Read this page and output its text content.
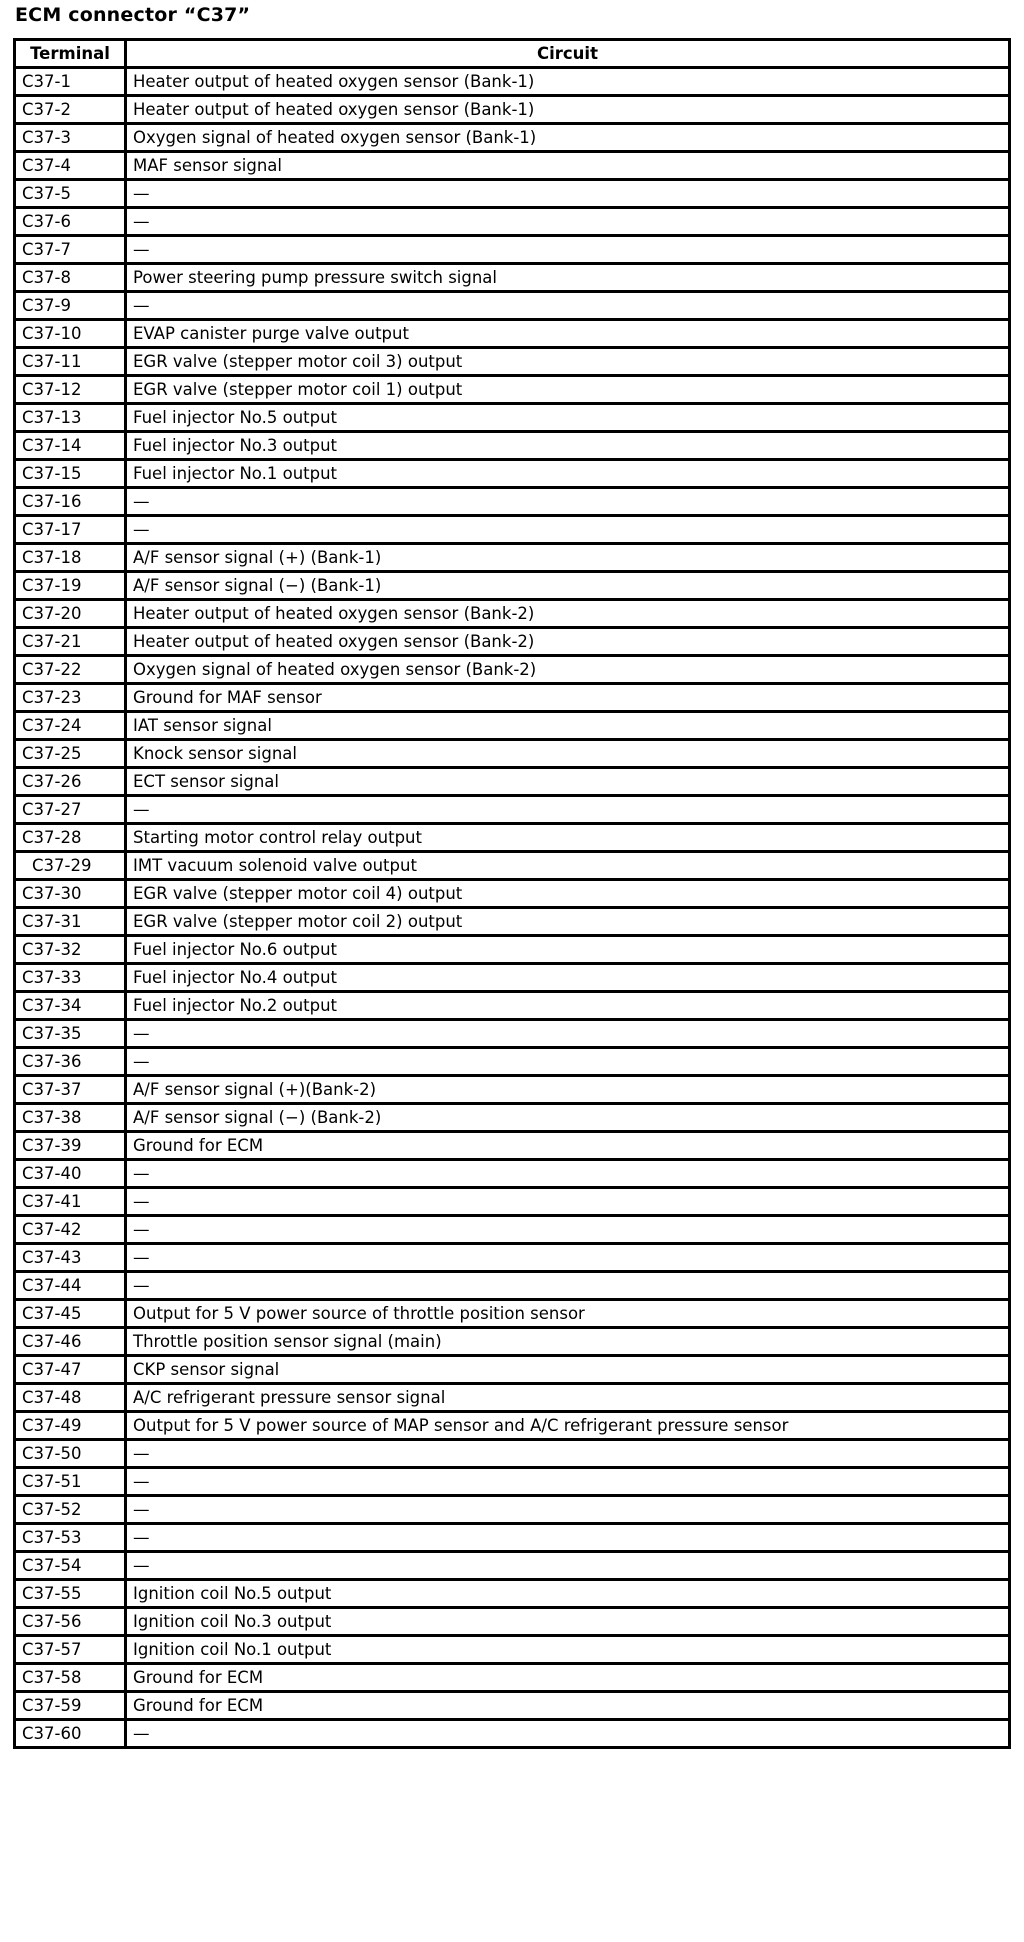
ECM connector “C37”
Terminal	Circuit
C37-1	Heater output of heated oxygen sensor (Bank-1)
C37-2	Heater output of heated oxygen sensor (Bank-1)
C37-3	Oxygen signal of heated oxygen sensor (Bank-1)
C37-4	MAF sensor signal
C37-5	—
C37-6	—
C37-7	—
C37-8	Power steering pump pressure switch signal
C37-9	—
C37-10	EVAP canister purge valve output
C37-11	EGR valve (stepper motor coil 3) output
C37-12	EGR valve (stepper motor coil 1) output
C37-13	Fuel injector No.5 output
C37-14	Fuel injector No.3 output
C37-15	Fuel injector No.1 output
C37-16	—
C37-17	—
C37-18	A/F sensor signal (+) (Bank-1)
C37-19	A/F sensor signal (−) (Bank-1)
C37-20	Heater output of heated oxygen sensor (Bank-2)
C37-21	Heater output of heated oxygen sensor (Bank-2)
C37-22	Oxygen signal of heated oxygen sensor (Bank-2)
C37-23	Ground for MAF sensor
C37-24	IAT sensor signal
C37-25	Knock sensor signal
C37-26	ECT sensor signal
C37-27	—
C37-28	Starting motor control relay output
C37-29	IMT vacuum solenoid valve output
C37-30	EGR valve (stepper motor coil 4) output
C37-31	EGR valve (stepper motor coil 2) output
C37-32	Fuel injector No.6 output
C37-33	Fuel injector No.4 output
C37-34	Fuel injector No.2 output
C37-35	—
C37-36	—
C37-37	A/F sensor signal (+)(Bank-2)
C37-38	A/F sensor signal (−) (Bank-2)
C37-39	Ground for ECM
C37-40	—
C37-41	—
C37-42	—
C37-43	—
C37-44	—
C37-45	Output for 5 V power source of throttle position sensor
C37-46	Throttle position sensor signal (main)
C37-47	CKP sensor signal
C37-48	A/C refrigerant pressure sensor signal
C37-49	Output for 5 V power source of MAP sensor and A/C refrigerant pressure sensor
C37-50	—
C37-51	—
C37-52	—
C37-53	—
C37-54	—
C37-55	Ignition coil No.5 output
C37-56	Ignition coil No.3 output
C37-57	Ignition coil No.1 output
C37-58	Ground for ECM
C37-59	Ground for ECM
C37-60	—
